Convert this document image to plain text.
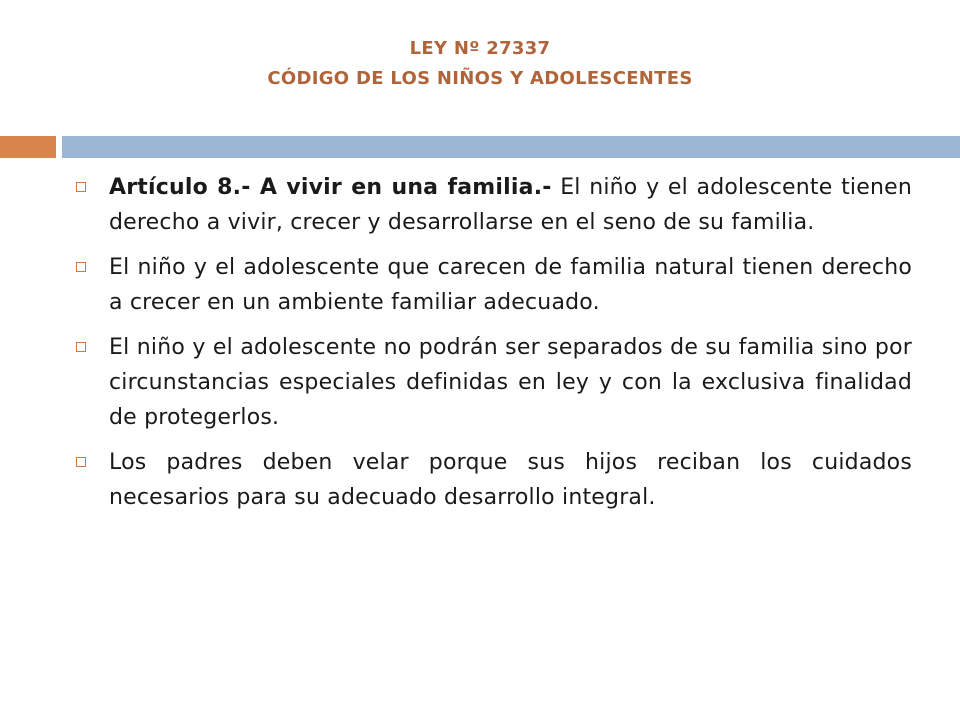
LEY Nº 27337
CÓDIGO DE LOS NIÑOS Y ADOLESCENTES
Artículo 8.- A vivir en una familia.- El niño y el adolescente tienen derecho a vivir, crecer y desarrollarse en el seno de su familia.
El niño y el adolescente que carecen de familia natural tienen derecho a crecer en un ambiente familiar adecuado.
El niño y el adolescente no podrán ser separados de su familia sino por circunstancias especiales definidas en ley y con la exclusiva finalidad de protegerlos.
Los padres deben velar porque sus hijos reciban los cuidados necesarios para su adecuado desarrollo integral.
